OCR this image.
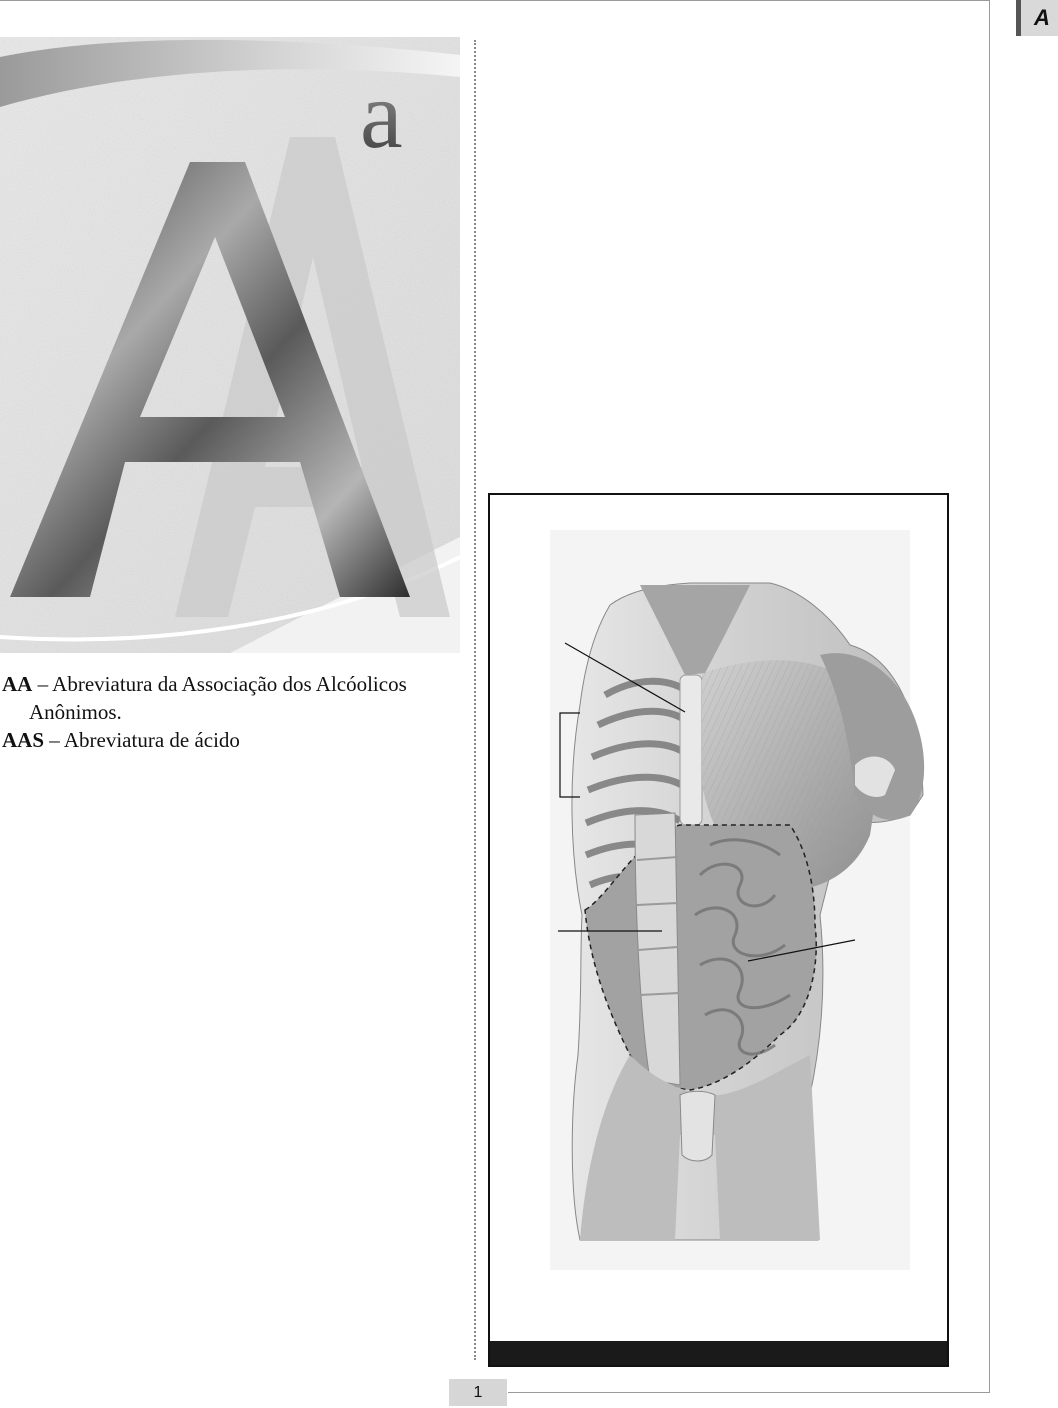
A
a

AA – Abreviatura da Associação dos Alcóolicos
Anônimos.

AAS – Abreviatura de ácido

1
